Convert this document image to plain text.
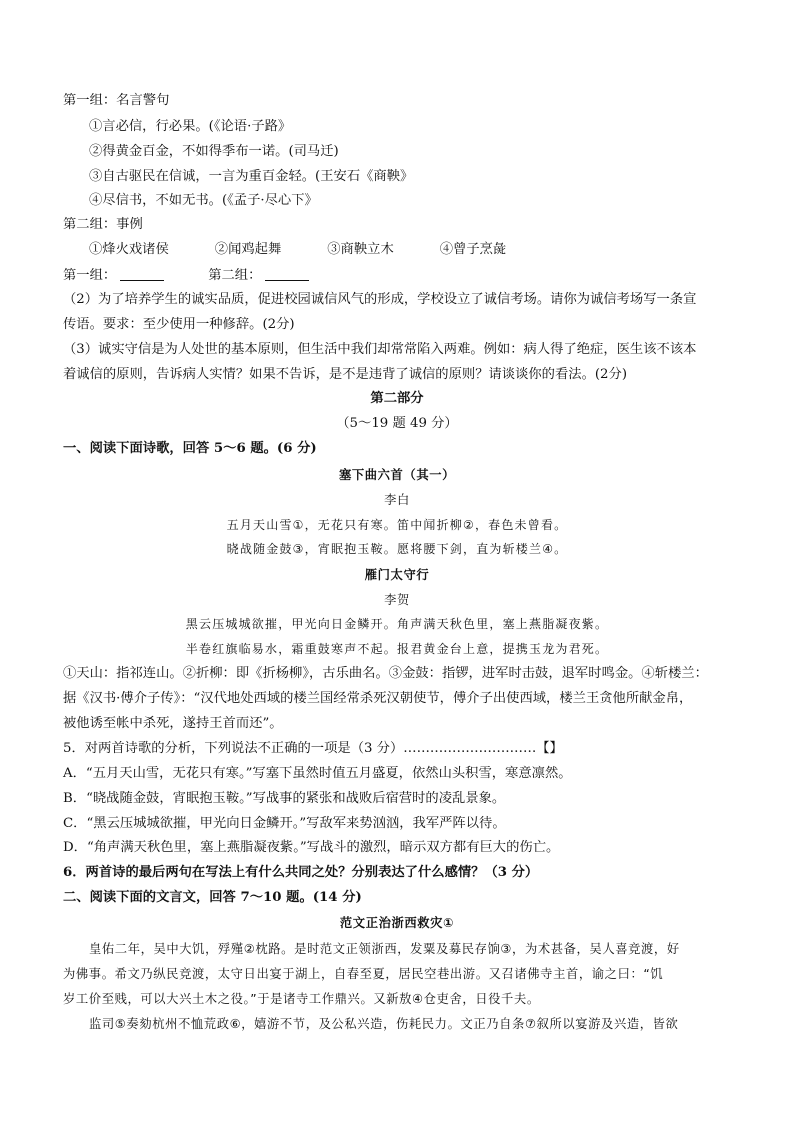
第一组：名言警句
①言必信，行必果。(《论语·子路》
②得黄金百金，不如得季布一诺。(司马迁)
③自古驱民在信诚，一言为重百金轻。(王安石《商鞅》
④尽信书，不如无书。(《孟子·尽心下》
第二组：事例
①烽火戏诸侯	②闻鸡起舞	③商鞅立木	④曾子烹彘
第一组：	第二组：
（2）为了培养学生的诚实品质，促进校园诚信风气的形成，学校设立了诚信考场。请你为诚信考场写一条宣
传语。要求：至少使用一种修辞。(2分)
（3）诚实守信是为人处世的基本原则，但生活中我们却常常陷入两难。例如：病人得了绝症，医生该不该本
着诚信的原则，告诉病人实情？如果不告诉，是不是违背了诚信的原则？请谈谈你的看法。(2分)
第二部分
（5～19 题 49 分）
一、阅读下面诗歌，回答 5～6 题。(6 分)
塞下曲六首（其一）
李白
五月天山雪①，无花只有寒。笛中闻折柳②，春色未曾看。
晓战随金鼓③，宵眠抱玉鞍。愿将腰下剑，直为斩楼兰④。
雁门太守行
李贺
黑云压城城欲摧，甲光向日金鳞开。角声满天秋色里，塞上燕脂凝夜紫。
半卷红旗临易水，霜重鼓寒声不起。报君黄金台上意，提携玉龙为君死。
①天山：指祁连山。②折柳：即《折杨柳》，古乐曲名。③金鼓：指锣，进军时击鼓，退军时鸣金。④斩楼兰：
据《汉书·傅介子传》：“汉代地处西域的楼兰国经常杀死汉朝使节，傅介子出使西域，楼兰王贪他所献金帛，
被他诱至帐中杀死，遂持王首而还”。
5．对两首诗歌的分析，下列说法不正确的一项是（3 分）…………………………【】
A．“五月天山雪，无花只有寒。”写塞下虽然时值五月盛夏，依然山头积雪，寒意凛然。
B．“晓战随金鼓，宵眠抱玉鞍。”写战事的紧张和战败后宿营时的凌乱景象。
C．“黑云压城城欲摧，甲光向日金鳞开。”写敌军来势汹汹，我军严阵以待。
D．“角声满天秋色里，塞上燕脂凝夜紫。”写战斗的激烈，暗示双方都有巨大的伤亡。
6．两首诗的最后两句在写法上有什么共同之处？分别表达了什么感情？（3 分）
二、阅读下面的文言文，回答 7～10 题。(14 分)
范文正治浙西救灾①
皇佑二年，吴中大饥，殍殣②枕路。是时范文正领浙西，发粟及募民存饷③，为术甚备，吴人喜竞渡，好
为佛事。希文乃纵民竞渡，太守日出宴于湖上，自春至夏，居民空巷出游。又召诸佛寺主首，谕之曰：“饥
岁工价至贱，可以大兴土木之役。”于是诸寺工作鼎兴。又新敖④仓吏舍，日役千夫。
监司⑤奏劾杭州不恤荒政⑥，嬉游不节，及公私兴造，伤耗民力。文正乃自条⑦叙所以宴游及兴造，皆欲
